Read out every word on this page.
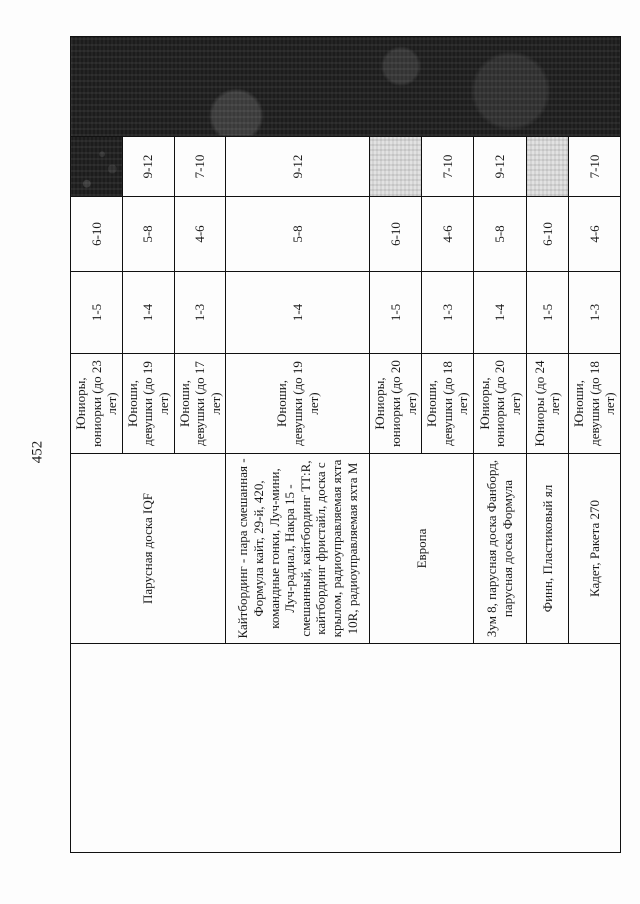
452
	Парусная доска IQF	Юниоры, юниорки (до 23 лет)	1-5	6-10		
		Юноши, девушки (до 19 лет)	1-4	5-8	9-12	
		Юноши, девушки (до 17 лет)	1-3	4-6	7-10	
	Кайтбординг - пара смешанная - Формула кайт, 29-й, 420, командные гонки, Луч-мини, Луч-радиал, Накра 15 - смешанный, кайтбординг ТТ:R, кайтбординг фристайл, доска с крылом, радиоуправляемая яхта 10R, радиоуправляемая яхта М	Юноши, девушки (до 19 лет)	1-4	5-8	9-12	
	Европа	Юниоры, юниорки (до 20 лет)	1-5	6-10		
		Юноши, девушки (до 18 лет)	1-3	4-6	7-10	
	Зум 8, парусная доска Фанборд, парусная доска Формула	Юниоры, юниорки (до 20 лет)	1-4	5-8	9-12	
	Финн, Пластиковый ял	Юниоры (до 24 лет)	1-5	6-10		
	Кадет, Ракета 270	Юноши, девушки (до 18 лет)	1-3	4-6	7-10	
